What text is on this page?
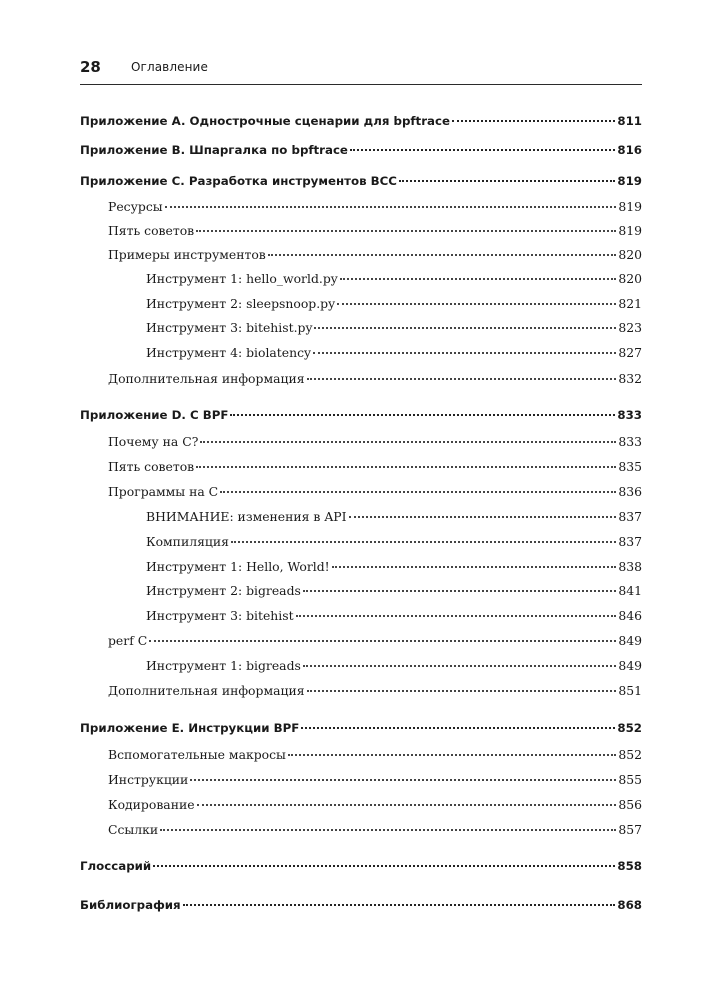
28	Оглавление
Приложение A. Однострочные сценарии для bpftrace	811
Приложение B. Шпаргалка по bpftrace	816
Приложение C. Разработка инструментов BCC	819
Ресурсы	819
Пять советов	819
Примеры инструментов	820
Инструмент 1: hello_world.py	820
Инструмент 2: sleepsnoop.py	821
Инструмент 3: bitehist.py	823
Инструмент 4: biolatency	827
Дополнительная информация	832
Приложение D. C BPF	833
Почему на C?	833
Пять советов	835
Программы на C	836
ВНИМАНИЕ: изменения в API	837
Компиляция	837
Инструмент 1: Hello, World!	838
Инструмент 2: bigreads	841
Инструмент 3: bitehist	846
perf C	849
Инструмент 1: bigreads	849
Дополнительная информация	851
Приложение E. Инструкции BPF	852
Вспомогательные макросы	852
Инструкции	855
Кодирование	856
Ссылки	857
Глоссарий	858
Библиография	868
